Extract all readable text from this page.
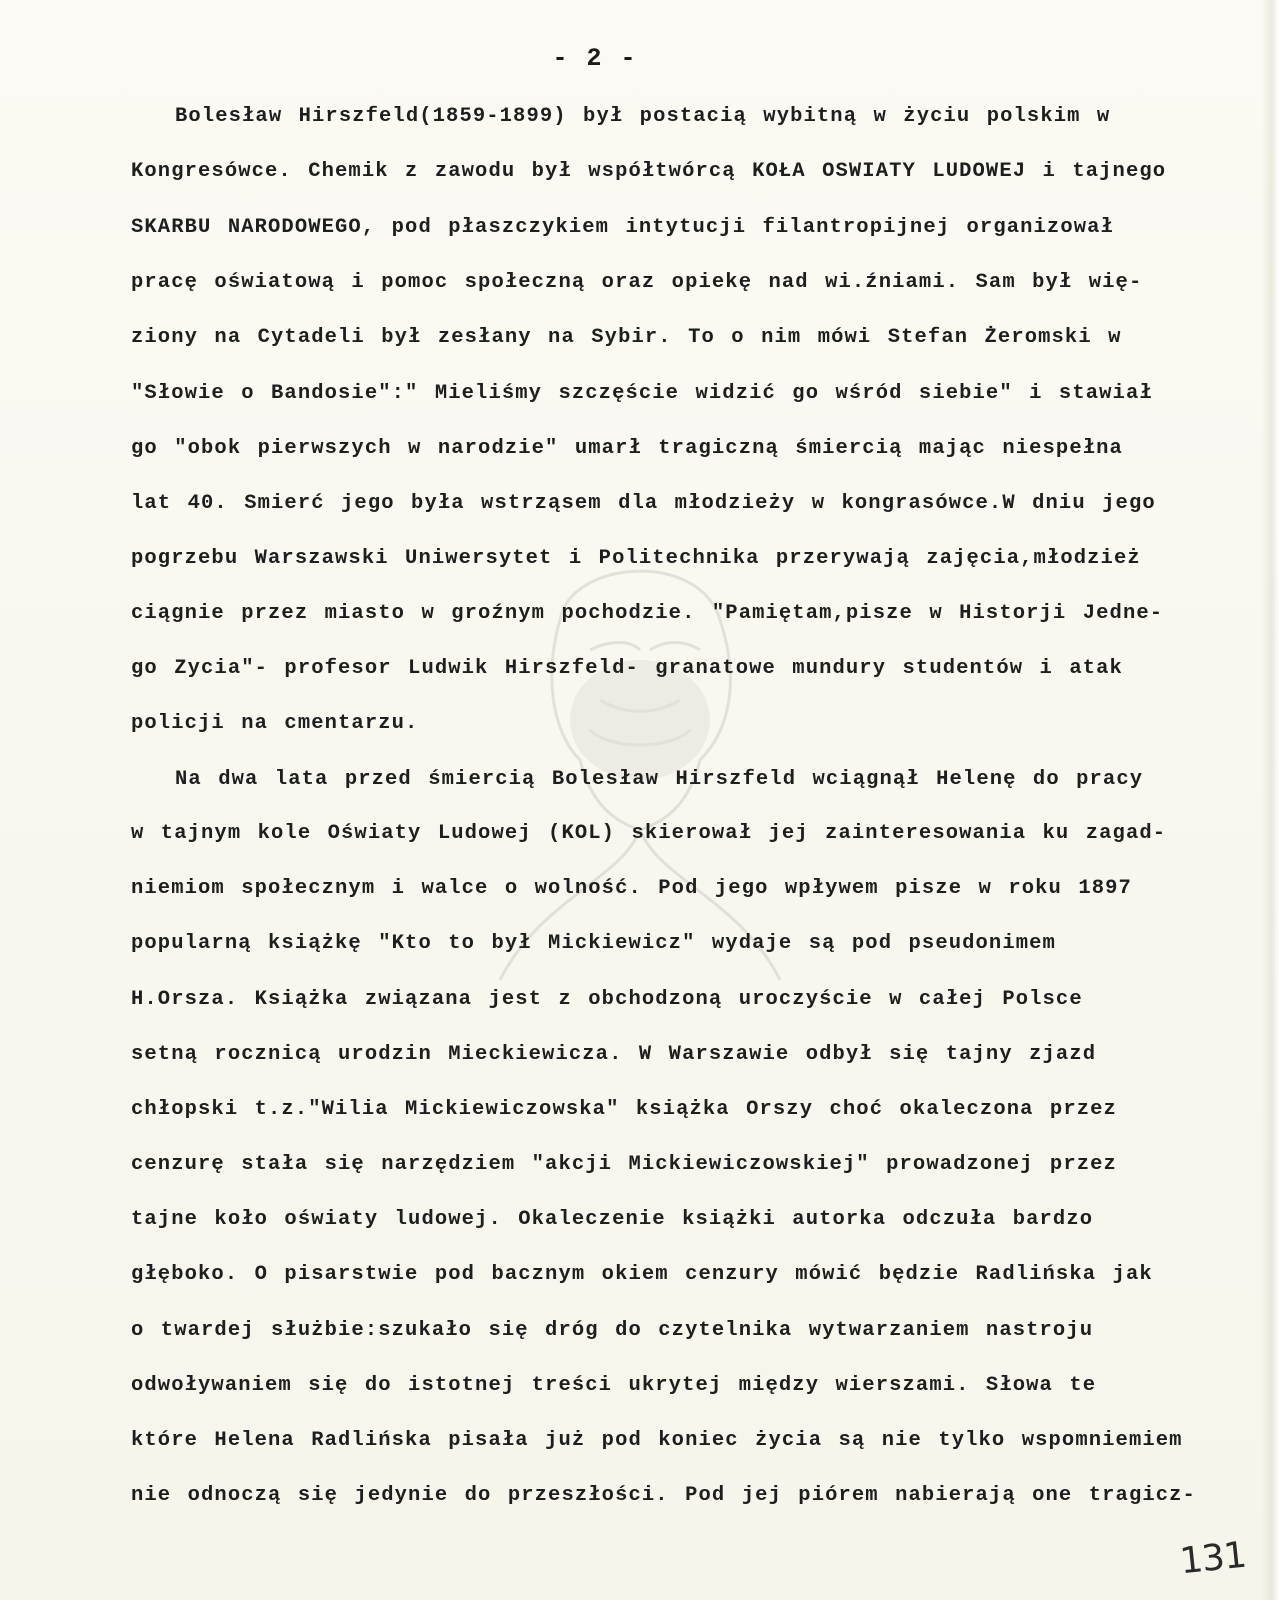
- 2 -
Bolesław Hirszfeld(1859-1899) był postacią wybitną w życiu polskim w
Kongresówce. Chemik z zawodu był współtwórcą KOŁA OSWIATY LUDOWEJ i tajnego
SKARBU NARODOWEGO, pod płaszczykiem intytucji filantropijnej organizował
pracę oświatową i pomoc społeczną oraz opiekę nad wi.źniami. Sam był wię-
ziony na Cytadeli był zesłany na Sybir. To o nim mówi Stefan Żeromski w
"Słowie o Bandosie":" Mieliśmy szczęście widzić go wśród siebie" i stawiał
go "obok pierwszych w narodzie" umarł tragiczną śmiercią mając niespełna
lat 40. Smierć jego była wstrząsem dla młodzieży w kongrasówce.W dniu jego
pogrzebu Warszawski Uniwersytet i Politechnika przerywają zajęcia,młodzież
ciągnie przez miasto w groźnym pochodzie. "Pamiętam,pisze w Historji Jedne-
go Zycia"- profesor Ludwik Hirszfeld- granatowe mundury studentów i atak
policji na cmentarzu.
Na dwa lata przed śmiercią Bolesław Hirszfeld wciągnął Helenę do pracy
w tajnym kole Oświaty Ludowej (KOL) skierował jej zainteresowania ku zagad-
niemiom społecznym i walce o wolność. Pod jego wpływem pisze w roku 1897
popularną książkę "Kto to był Mickiewicz" wydaje są pod pseudonimem
H.Orsza. Książka związana jest z obchodzoną uroczyście w całej Polsce
setną rocznicą urodzin Mieckiewicza. W Warszawie odbył się tajny zjazd
chłopski t.z."Wilia Mickiewiczowska" książka Orszy choć okaleczona przez
cenzurę stała się narzędziem "akcji Mickiewiczowskiej" prowadzonej przez
tajne koło oświaty ludowej. Okaleczenie książki autorka odczuła bardzo
głęboko. O pisarstwie pod bacznym okiem cenzury mówić będzie Radlińska jak
o twardej służbie:szukało się dróg do czytelnika wytwarzaniem nastroju
odwoływaniem się do istotnej treści ukrytej między wierszami. Słowa te
które Helena Radlińska pisała już pod koniec życia są nie tylko wspomniemiem
nie odnoczą się jedynie do przeszłości. Pod jej piórem nabierają one tragicz-
131
